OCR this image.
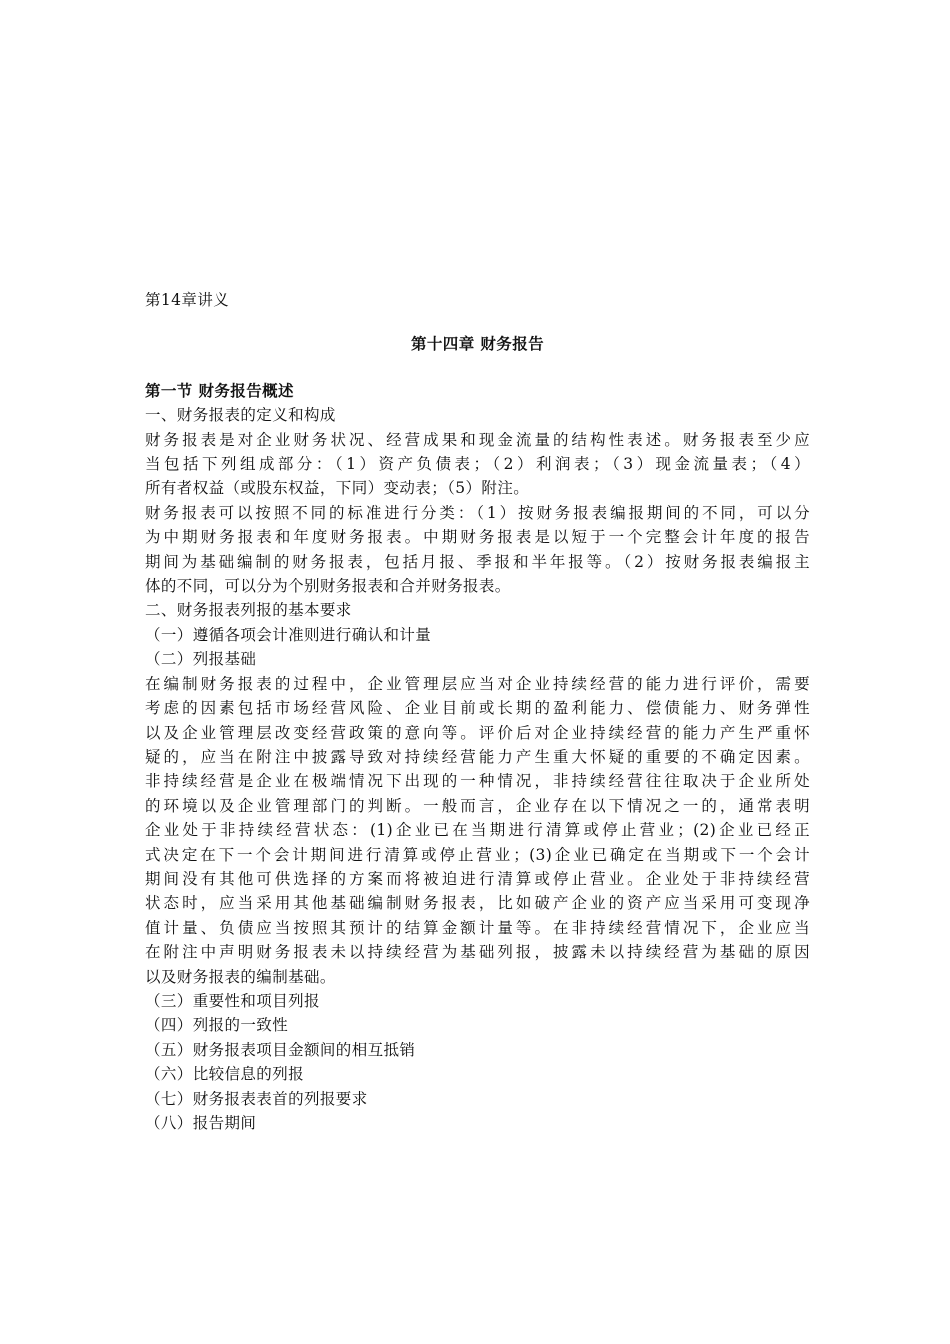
第14章讲义
第十四章 财务报告
第一节 财务报告概述
一、财务报表的定义和构成
财务报表是对企业财务状况、经营成果和现金流量的结构性表述。财务报表至少应
当包括下列组成部分：（1）资产负债表；（2）利润表；（3）现金流量表；（4）
所有者权益（或股东权益，下同）变动表；（5）附注。
财务报表可以按照不同的标准进行分类：（1）按财务报表编报期间的不同，可以分
为中期财务报表和年度财务报表。中期财务报表是以短于一个完整会计年度的报告
期间为基础编制的财务报表，包括月报、季报和半年报等。（2）按财务报表编报主
体的不同，可以分为个别财务报表和合并财务报表。
二、财务报表列报的基本要求
（一）遵循各项会计准则进行确认和计量
（二）列报基础
在编制财务报表的过程中，企业管理层应当对企业持续经营的能力进行评价，需要
考虑的因素包括市场经营风险、企业目前或长期的盈利能力、偿债能力、财务弹性
以及企业管理层改变经营政策的意向等。评价后对企业持续经营的能力产生严重怀
疑的，应当在附注中披露导致对持续经营能力产生重大怀疑的重要的不确定因素。
非持续经营是企业在极端情况下出现的一种情况，非持续经营往往取决于企业所处
的环境以及企业管理部门的判断。一般而言，企业存在以下情况之一的，通常表明
企业处于非持续经营状态：(1)企业已在当期进行清算或停止营业；(2)企业已经正
式决定在下一个会计期间进行清算或停止营业；(3)企业已确定在当期或下一个会计
期间没有其他可供选择的方案而将被迫进行清算或停止营业。企业处于非持续经营
状态时，应当采用其他基础编制财务报表，比如破产企业的资产应当采用可变现净
值计量、负债应当按照其预计的结算金额计量等。在非持续经营情况下，企业应当
在附注中声明财务报表未以持续经营为基础列报，披露未以持续经营为基础的原因
以及财务报表的编制基础。
（三）重要性和项目列报
（四）列报的一致性
（五）财务报表项目金额间的相互抵销
（六）比较信息的列报
（七）财务报表表首的列报要求
（八）报告期间
